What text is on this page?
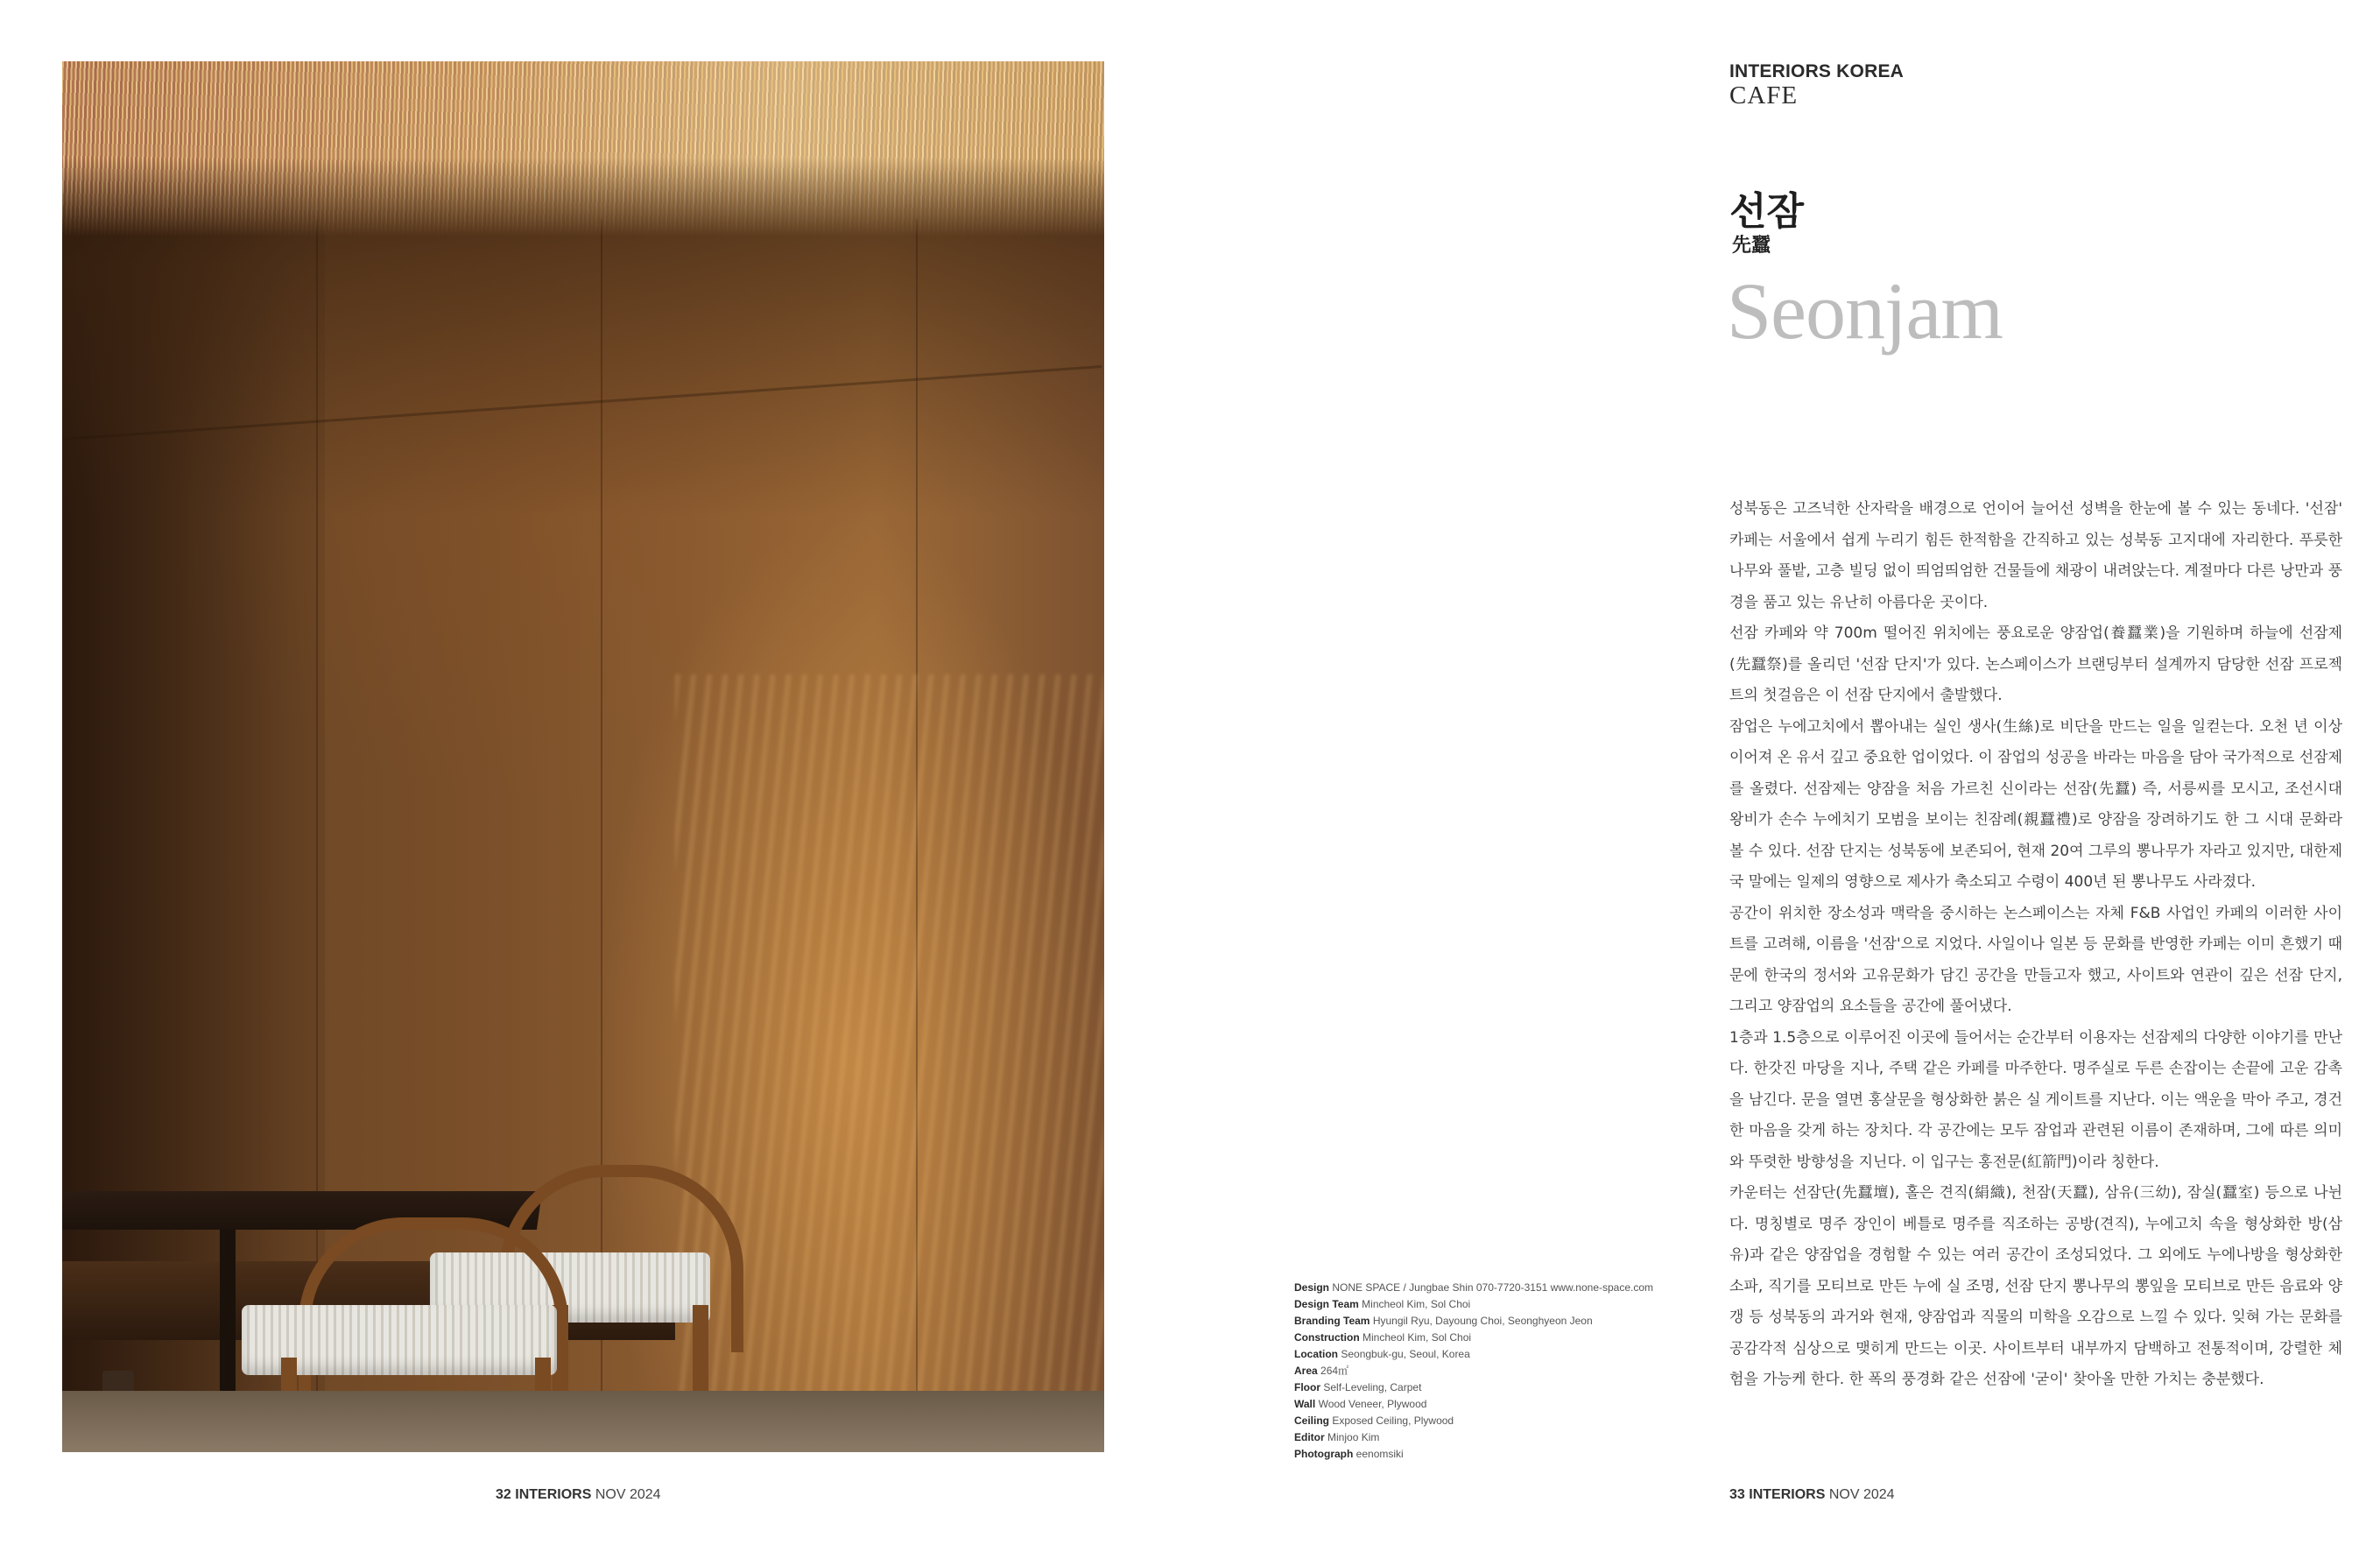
Design NONE SPACE / Jungbae Shin 070-7720-3151 www.none-space.com
Design Team Mincheol Kim, Sol Choi
Branding Team Hyungil Ryu, Dayoung Choi, Seonghyeon Jeon
Construction Mincheol Kim, Sol Choi
Location Seongbuk-gu, Seoul, Korea
Area 264㎡
Floor Self-Leveling, Carpet
Wall Wood Veneer, Plywood
Ceiling Exposed Ceiling, Plywood
Editor Minjoo Kim
Photograph eenomsiki
32 INTERIORS NOV 2024
INTERIORS KOREA
CAFE
선잠
先蠶
Seonjam

성북동은 고즈넉한 산자락을 배경으로 언이어 늘어선 성벽을 한눈에 볼 수 있는 동네다. '선잠' 카페는 서울에서 쉽게 누리기 힘든 한적함을 간직하고 있는 성북동 고지대에 자리한다. 푸릇한 나무와 풀밭, 고층 빌딩 없이 띄엄띄엄한 건물들에 채광이 내려앉는다. 계절마다 다른 낭만과 풍경을 품고 있는 유난히 아름다운 곳이다.

선잠 카페와 약 700m 떨어진 위치에는 풍요로운 양잠업(養蠶業)을 기원하며 하늘에 선잠제(先蠶祭)를 올리던 '선잠 단지'가 있다. 논스페이스가 브랜딩부터 설계까지 담당한 선잠 프로젝트의 첫걸음은 이 선잠 단지에서 출발했다.

잠업은 누에고치에서 뽑아내는 실인 생사(生絲)로 비단을 만드는 일을 일컫는다. 오천 년 이상 이어져 온 유서 깊고 중요한 업이었다. 이 잠업의 성공을 바라는 마음을 담아 국가적으로 선잠제를 올렸다. 선잠제는 양잠을 처음 가르친 신이라는 선잠(先蠶) 즉, 서릉씨를 모시고, 조선시대 왕비가 손수 누에치기 모범을 보이는 친잠례(親蠶禮)로 양잠을 장려하기도 한 그 시대 문화라 볼 수 있다. 선잠 단지는 성북동에 보존되어, 현재 20여 그루의 뽕나무가 자라고 있지만, 대한제국 말에는 일제의 영향으로 제사가 축소되고 수령이 400년 된 뽕나무도 사라졌다.

공간이 위치한 장소성과 맥락을 중시하는 논스페이스는 자체 F&B 사업인 카페의 이러한 사이트를 고려해, 이름을 '선잠'으로 지었다. 사일이나 일본 등 문화를 반영한 카페는 이미 흔했기 때문에 한국의 정서와 고유문화가 담긴 공간을 만들고자 했고, 사이트와 연관이 깊은 선잠 단지, 그리고 양잠업의 요소들을 공간에 풀어냈다.

1층과 1.5층으로 이루어진 이곳에 들어서는 순간부터 이용자는 선잠제의 다양한 이야기를 만난다. 한갓진 마당을 지나, 주택 같은 카페를 마주한다. 명주실로 두른 손잡이는 손끝에 고운 감촉을 남긴다. 문을 열면 홍살문을 형상화한 붉은 실 게이트를 지난다. 이는 액운을 막아 주고, 경건한 마음을 갖게 하는 장치다. 각 공간에는 모두 잠업과 관련된 이름이 존재하며, 그에 따른 의미와 뚜렷한 방향성을 지닌다. 이 입구는 홍전문(紅箭門)이라 칭한다.

카운터는 선잠단(先蠶壇), 홀은 견직(絹織), 천잠(天蠶), 삼유(三幼), 잠실(蠶室) 등으로 나뉜다. 명칭별로 명주 장인이 베틀로 명주를 직조하는 공방(견직), 누에고치 속을 형상화한 방(삼유)과 같은 양잠업을 경험할 수 있는 여러 공간이 조성되었다. 그 외에도 누에나방을 형상화한 소파, 직기를 모티브로 만든 누에 실 조명, 선잠 단지 뽕나무의 뽕잎을 모티브로 만든 음료와 양갱 등 성북동의 과거와 현재, 양잠업과 직물의 미학을 오감으로 느낄 수 있다. 잊혀 가는 문화를 공감각적 심상으로 맺히게 만드는 이곳. 사이트부터 내부까지 담백하고 전통적이며, 강렬한 체험을 가능케 한다. 한 폭의 풍경화 같은 선잠에 '굳이' 찾아올 만한 가치는 충분했다.

33 INTERIORS NOV 2024
